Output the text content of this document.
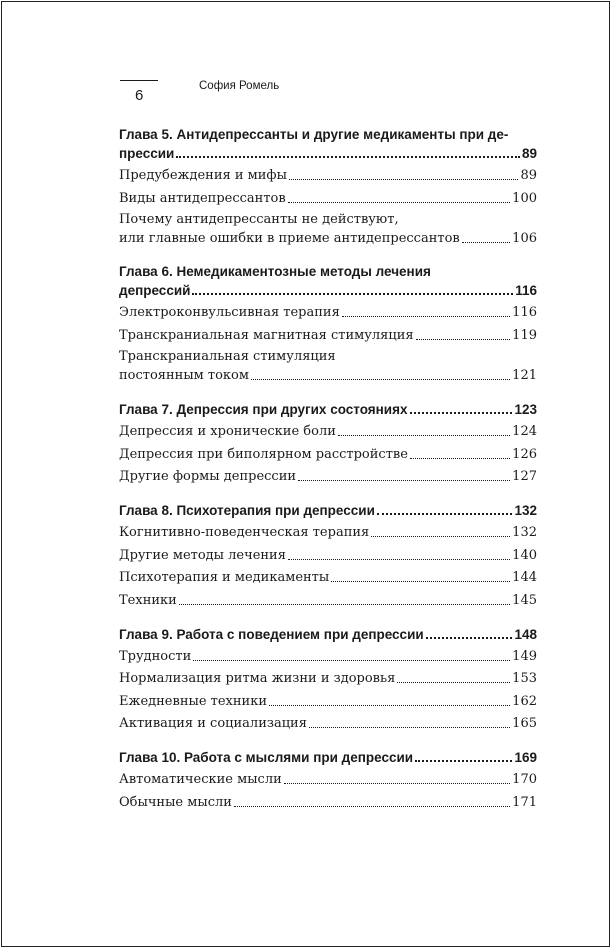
6
София Ромель
Глава 5. Антидепрессанты и другие медикаменты при де-
прессии	89
Предубеждения и мифы	89
Виды антидепрессантов	100
Почему антидепрессанты не действуют,
или главные ошибки в приеме антидепрессантов	106
Глава 6. Немедикаментозные методы лечения
депрессий	116
Электроконвульсивная терапия	116
Транскраниальная магнитная стимуляция	119
Транскраниальная стимуляция
постоянным током	121
Глава 7. Депрессия при других состояниях	123
Депрессия и хронические боли	124
Депрессия при биполярном расстройстве	126
Другие формы депрессии	127
Глава 8. Психотерапия при депрессии	132
Когнитивно-поведенческая терапия	132
Другие методы лечения	140
Психотерапия и медикаменты	144
Техники	145
Глава 9. Работа с поведением при депрессии	148
Трудности	149
Нормализация ритма жизни и здоровья	153
Ежедневные техники	162
Активация и социализация	165
Глава 10. Работа с мыслями при депрессии	169
Автоматические мысли	170
Обычные мысли	171
